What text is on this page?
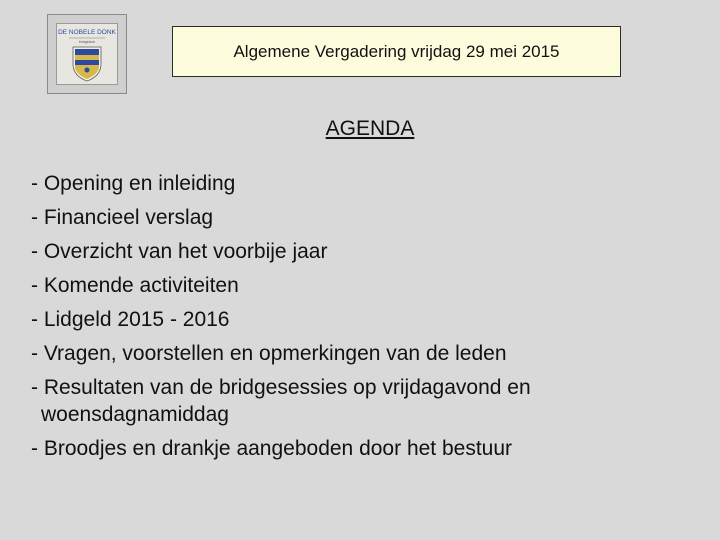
DE NOBELE DONK
bridgeclub	Algemene Vergadering vrijdag 29 mei 2015
AGENDA
- Opening en inleiding
- Financieel verslag
- Overzicht van het voorbije jaar
- Komende activiteiten
- Lidgeld 2015 - 2016
- Vragen, voorstellen en opmerkingen van de leden
- Resultaten van de bridgesessies op vrijdagavond en woensdagnamiddag
- Broodjes en drankje aangeboden door het bestuur
